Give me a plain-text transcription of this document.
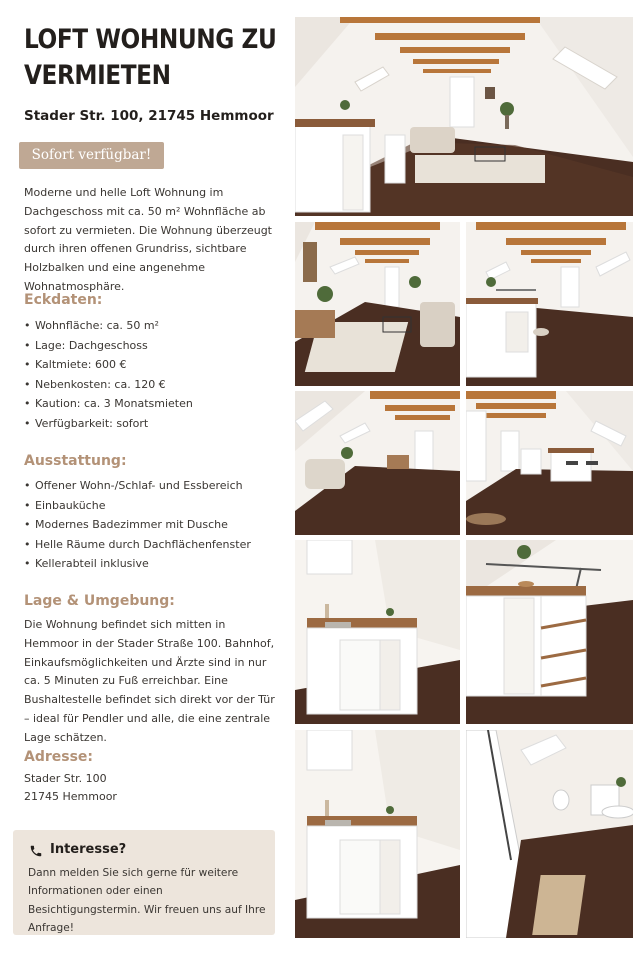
LOFT WOHNUNG ZU VERMIETEN
Stader Str. 100, 21745 Hemmoor
Sofort verfügbar!

Moderne und helle Loft Wohnung im Dachgeschoss mit ca. 50 m² Wohnfläche ab sofort zu vermieten. Die Wohnung überzeugt durch ihren offenen Grundriss, sichtbare Holzbalken und eine angenehme Wohnatmosphäre.

Eckdaten:
• Wohnfläche: ca. 50 m²
• Lage: Dachgeschoss
• Kaltmiete: 600 €
• Nebenkosten: ca. 120 €
• Kaution: ca. 3 Monatsmieten
• Verfügbarkeit: sofort
Ausstattung:
• Offener Wohn-/Schlaf- und Essbereich
• Einbauküche
• Modernes Badezimmer mit Dusche
• Helle Räume durch Dachflächenfenster
• Kellerabteil inklusive
Lage & Umgebung:

Die Wohnung befindet sich mitten in Hemmoor in der Stader Straße 100. Bahnhof, Einkaufsmöglichkeiten und Ärzte sind in nur ca. 5 Minuten zu Fuß erreichbar. Eine Bushaltestelle befindet sich direkt vor der Tür – ideal für Pendler und alle, die eine zentrale Lage schätzen.

Adresse:
Stader Str. 100
21745 Hemmoor
Interesse?

Dann melden Sie sich gerne für weitere Informationen oder einen Besichtigungstermin. Wir freuen uns auf Ihre Anfrage!
